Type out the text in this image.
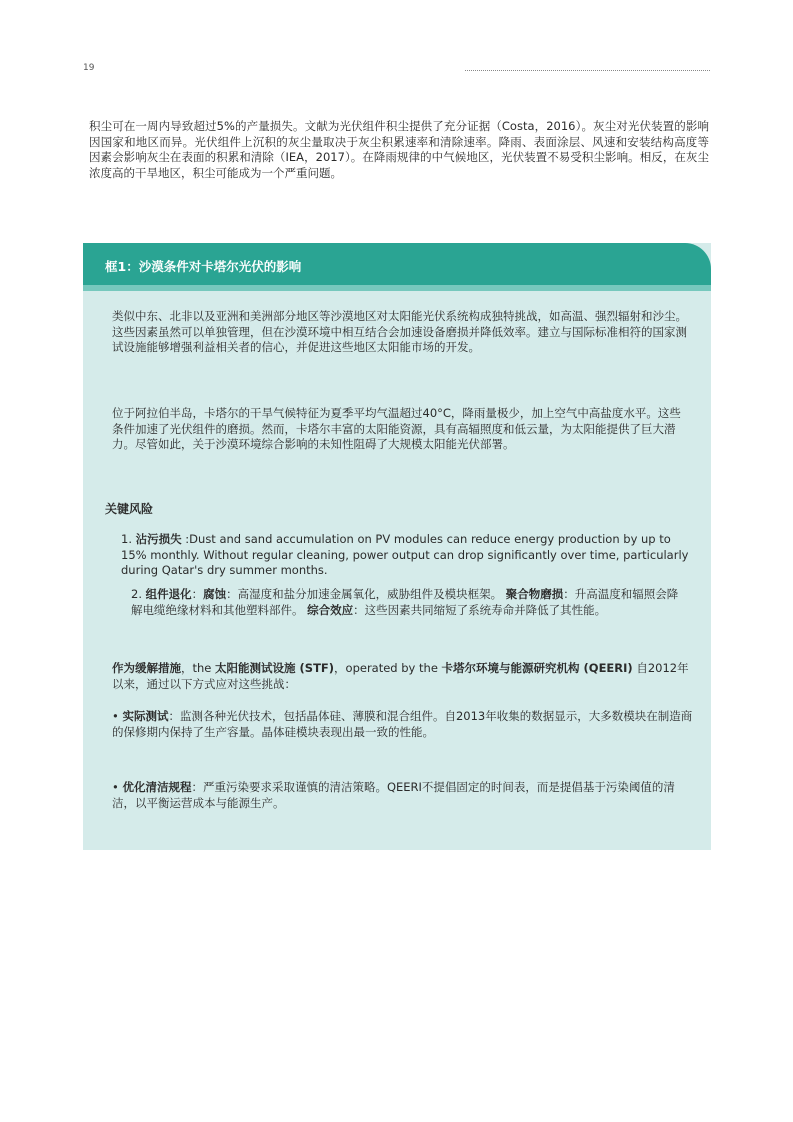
19

积尘可在一周内导致超过5%的产量损失。文献为光伏组件积尘提供了充分证据（Costa，2016）。灰尘对光伏装置的影响因国家和地区而异。光伏组件上沉积的灰尘量取决于灰尘积累速率和清除速率。降雨、表面涂层、风速和安装结构高度等因素会影响灰尘在表面的积累和清除（IEA，2017）。在降雨规律的中气候地区，光伏装置不易受积尘影响。相反，在灰尘浓度高的干旱地区，积尘可能成为一个严重问题。

框1：沙漠条件对卡塔尔光伏的影响

类似中东、北非以及亚洲和美洲部分地区等沙漠地区对太阳能光伏系统构成独特挑战，如高温、强烈辐射和沙尘。这些因素虽然可以单独管理，但在沙漠环境中相互结合会加速设备磨损并降低效率。建立与国际标准相符的国家测试设施能够增强利益相关者的信心，并促进这些地区太阳能市场的开发。

位于阿拉伯半岛，卡塔尔的干旱气候特征为夏季平均气温超过40°C，降雨量极少，加上空气中高盐度水平。这些条件加速了光伏组件的磨损。然而，卡塔尔丰富的太阳能资源，具有高辐照度和低云量，为太阳能提供了巨大潜力。尽管如此，关于沙漠环境综合影响的未知性阻碍了大规模太阳能光伏部署。

关键风险

1. 沾污损失 :Dust and sand accumulation on PV modules can reduce energy production by up to 15% monthly. Without regular cleaning, power output can drop significantly over time, particularly during Qatar's dry summer months.

2. 组件退化：腐蚀：高湿度和盐分加速金属氧化，威胁组件及模块框架。 聚合物磨损：升高温度和辐照会降解电缆绝缘材料和其他塑料部件。 综合效应：这些因素共同缩短了系统寿命并降低了其性能。

作为缓解措施，the 太阳能测试设施 (STF)，operated by the 卡塔尔环境与能源研究机构 (QEERI) 自2012年以来，通过以下方式应对这些挑战：

• 实际测试：监测各种光伏技术，包括晶体硅、薄膜和混合组件。自2013年收集的数据显示，大多数模块在制造商的保修期内保持了生产容量。晶体硅模块表现出最一致的性能。

• 优化清洁规程：严重污染要求采取谨慎的清洁策略。QEERI不提倡固定的时间表，而是提倡基于污染阈值的清洁，以平衡运营成本与能源生产。
